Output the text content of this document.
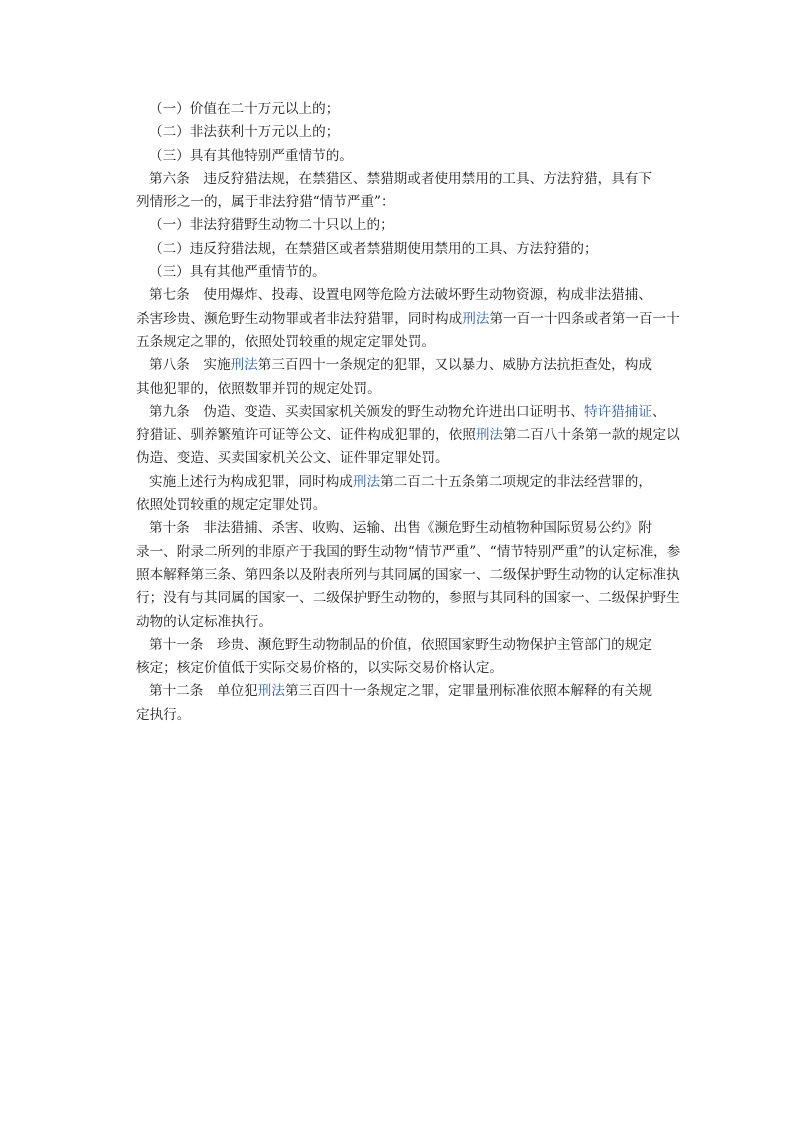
（一）价值在二十万元以上的；
（二）非法获利十万元以上的；
（三）具有其他特别严重情节的。
第六条　违反狩猎法规，在禁猎区、禁猎期或者使用禁用的工具、方法狩猎，具有下
列情形之一的，属于非法狩猎“情节严重”：
（一）非法狩猎野生动物二十只以上的；
（二）违反狩猎法规，在禁猎区或者禁猎期使用禁用的工具、方法狩猎的；
（三）具有其他严重情节的。
第七条　使用爆炸、投毒、设置电网等危险方法破坏野生动物资源，构成非法猎捕、
杀害珍贵、濒危野生动物罪或者非法狩猎罪，同时构成刑法第一百一十四条或者第一百一十
五条规定之罪的，依照处罚较重的规定定罪处罚。
第八条　实施刑法第三百四十一条规定的犯罪，又以暴力、威胁方法抗拒查处，构成
其他犯罪的，依照数罪并罚的规定处罚。
第九条　伪造、变造、买卖国家机关颁发的野生动物允许进出口证明书、特许猎捕证、
狩猎证、驯养繁殖许可证等公文、证件构成犯罪的，依照刑法第二百八十条第一款的规定以
伪造、变造、买卖国家机关公文、证件罪定罪处罚。
实施上述行为构成犯罪，同时构成刑法第二百二十五条第二项规定的非法经营罪的，
依照处罚较重的规定定罪处罚。
第十条　非法猎捕、杀害、收购、运输、出售《濒危野生动植物种国际贸易公约》附
录一、附录二所列的非原产于我国的野生动物“情节严重”、“情节特别严重”的认定标准，参
照本解释第三条、第四条以及附表所列与其同属的国家一、二级保护野生动物的认定标准执
行；没有与其同属的国家一、二级保护野生动物的，参照与其同科的国家一、二级保护野生
动物的认定标准执行。
第十一条　珍贵、濒危野生动物制品的价值，依照国家野生动物保护主管部门的规定
核定；核定价值低于实际交易价格的，以实际交易价格认定。
第十二条　单位犯刑法第三百四十一条规定之罪，定罪量刑标准依照本解释的有关规
定执行。
